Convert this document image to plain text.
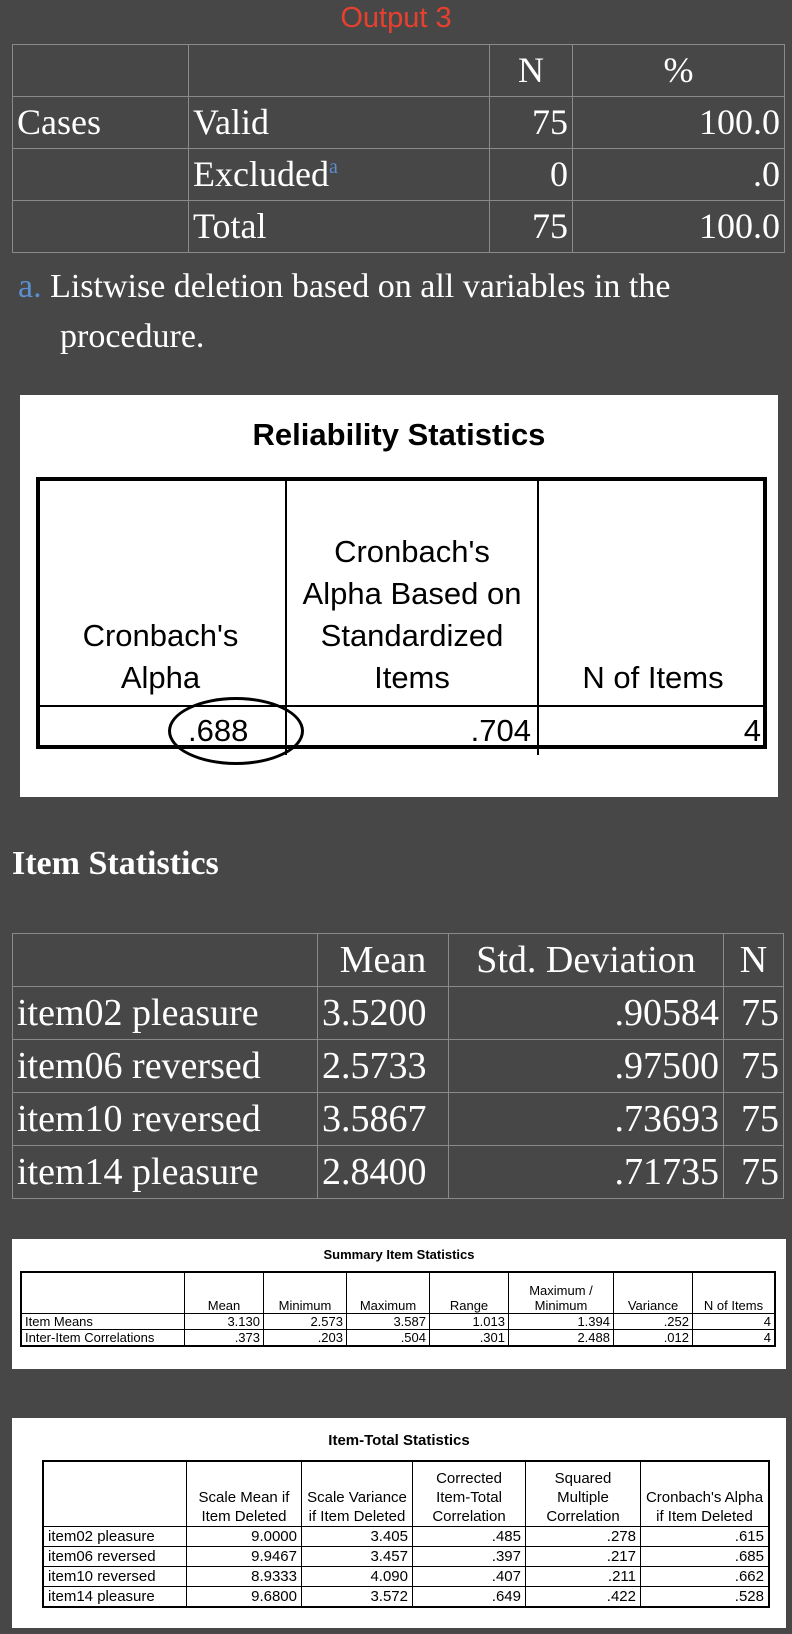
Output 3
		N	%
Cases	Valid	75	100.0
	Excluded$^a$	0	.0
	Total	75	100.0
a. Listwise deletion based on all variables in the
procedure.
Reliability Statistics
Cronbach's Alpha	Cronbach's Alpha Based on Standardized Items	N of Items
.688	.704	4
Item Statistics
	Mean	Std. Deviation	N
item02 pleasure	3.5200	.90584	75
item06 reversed	2.5733	.97500	75
item10 reversed	3.5867	.73693	75
item14 pleasure	2.8400	.71735	75
Summary Item Statistics
	Mean	Minimum	Maximum	Range	Maximum / Minimum	Variance	N of Items
Item Means	3.130	2.573	3.587	1.013	1.394	.252	4
Inter-Item Correlations	.373	.203	.504	.301	2.488	.012	4
Item-Total Statistics
	Scale Mean if Item Deleted	Scale Variance if Item Deleted	Corrected Item-Total Correlation	Squared Multiple Correlation	Cronbach's Alpha if Item Deleted
item02 pleasure	9.0000	3.405	.485	.278	.615
item06 reversed	9.9467	3.457	.397	.217	.685
item10 reversed	8.9333	4.090	.407	.211	.662
item14 pleasure	9.6800	3.572	.649	.422	.528
